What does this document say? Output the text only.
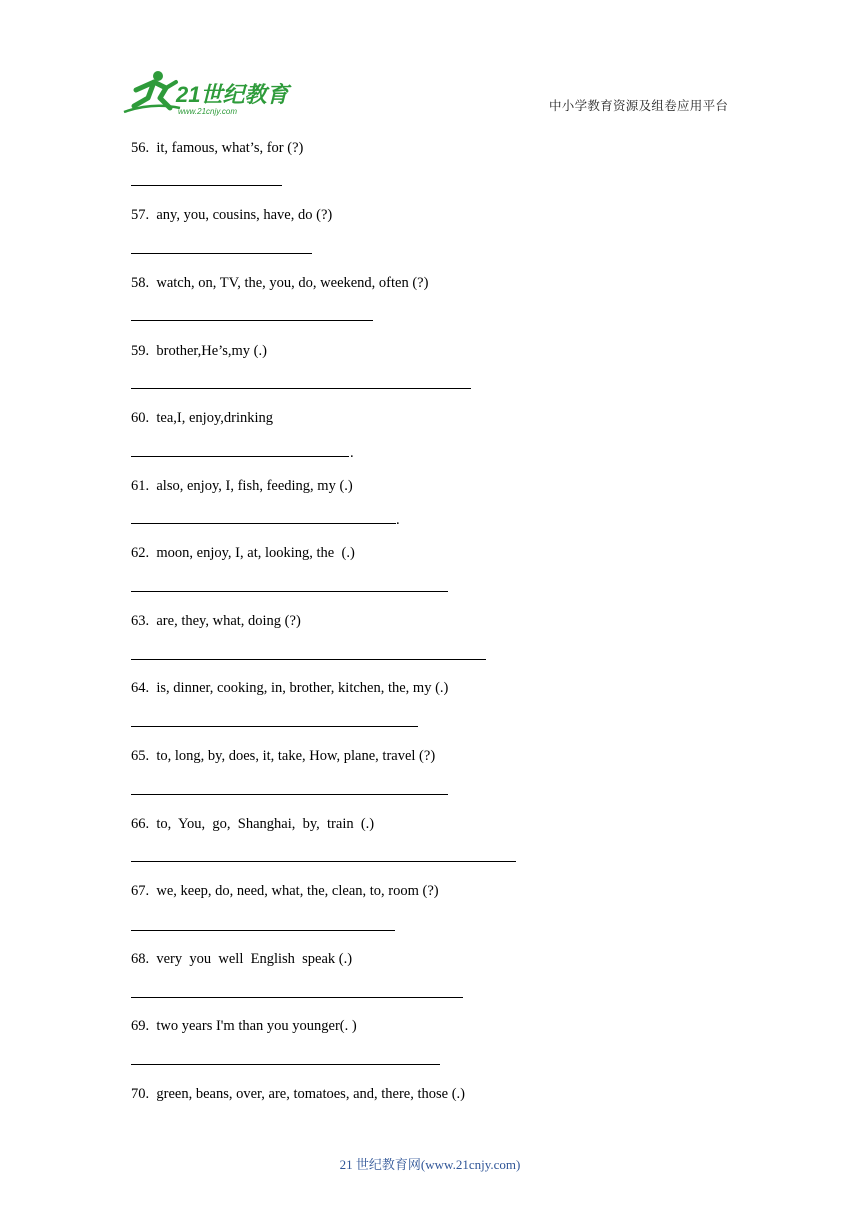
21世纪教育
www.21cnjy.com	中小学教育资源及组卷应用平台
56. it, famous, what’s, for (?)
57. any, you, cousins, have, do (?)
58. watch, on, TV, the, you, do, weekend, often (?)
59. brother,He’s,my (.)
60. tea,I, enjoy,drinking
.
61. also, enjoy, I, fish, feeding, my (.)
.
62. moon, enjoy, I, at, looking, the  (.)
63. are, they, what, doing (?)
64. is, dinner, cooking, in, brother, kitchen, the, my (.)
65. to, long, by, does, it, take, How, plane, travel (?)
66. to,  You,  go,  Shanghai,  by,  train  (.)
67. we, keep, do, need, what, the, clean, to, room (?)
68. very  you  well  English  speak (.)
69. two years I'm than you younger(. )
70. green, beans, over, are, tomatoes, and, there, those (.)
21 世纪教育网(www.21cnjy.com)
